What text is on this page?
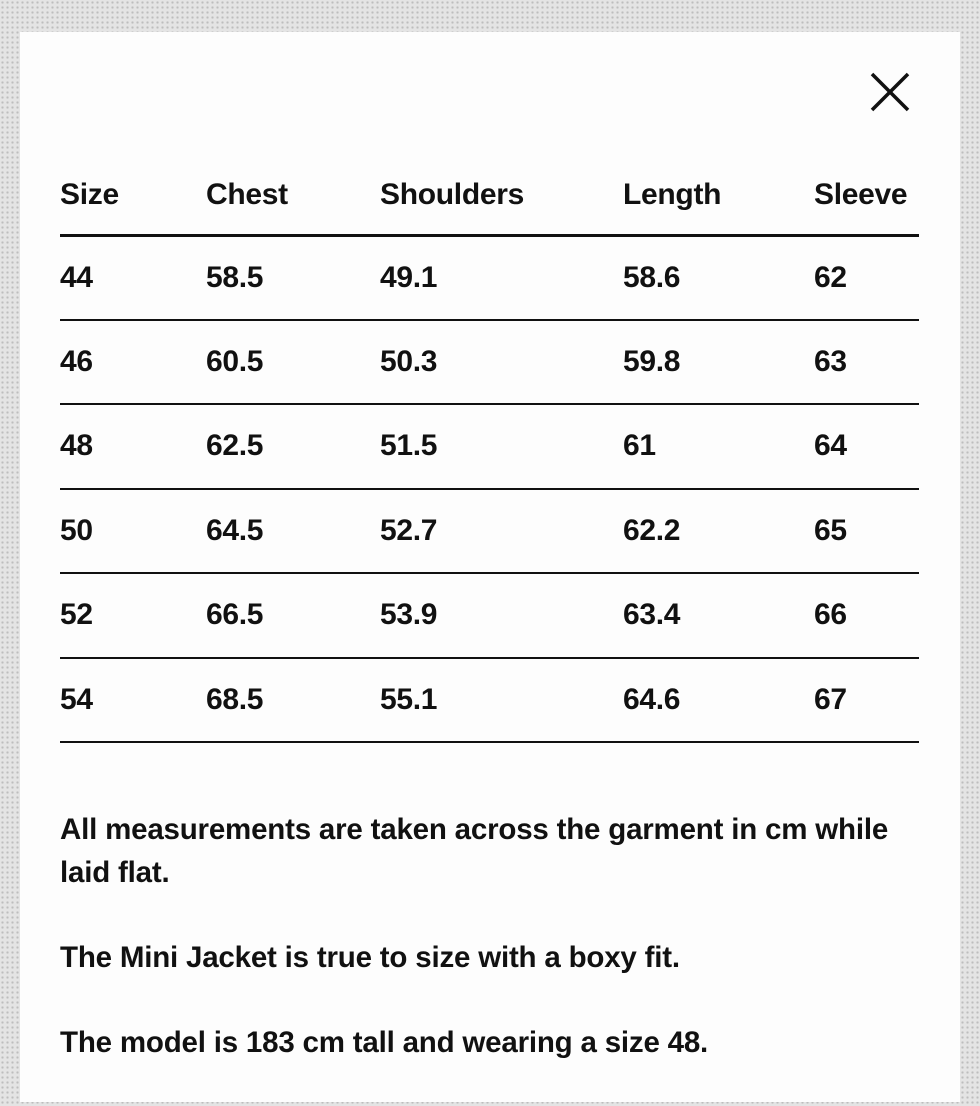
Size	Chest	Shoulders	Length	Sleeve
44	58.5	49.1	58.6	62
46	60.5	50.3	59.8	63
48	62.5	51.5	61	64
50	64.5	52.7	62.2	65
52	66.5	53.9	63.4	66
54	68.5	55.1	64.6	67

All measurements are taken across the garment in cm while laid flat.

The Mini Jacket is true to size with a boxy fit.

The model is 183 cm tall and wearing a size 48.
